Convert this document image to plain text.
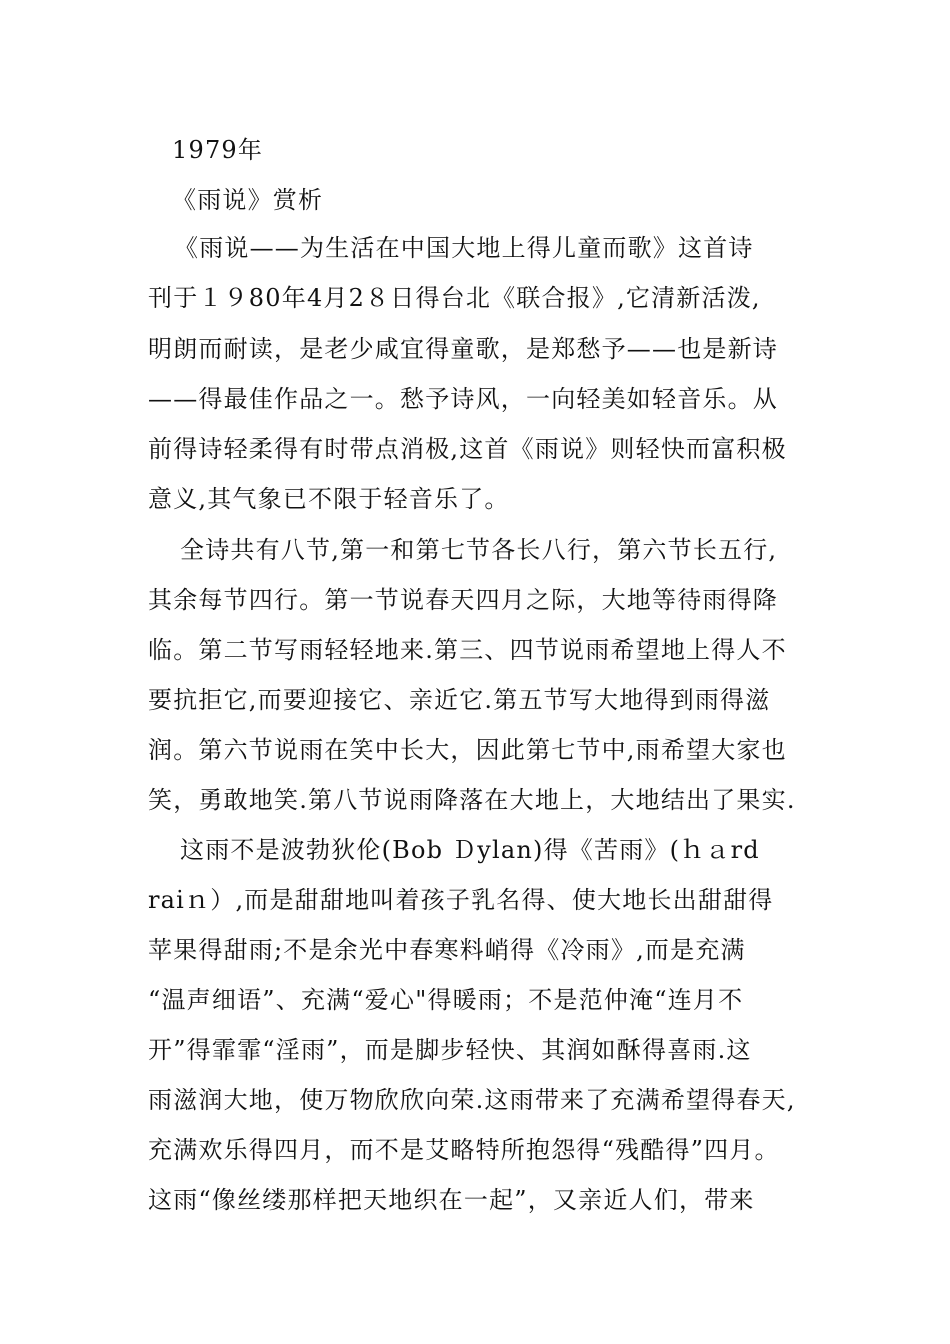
1979年
《雨说》赏析
《雨说——为生活在中国大地上得儿童而歌》这首诗
刊于１９80年4月2８日得台北《联合报》,它清新活泼,
明朗而耐读，是老少咸宜得童歌，是郑愁予——也是新诗
——得最佳作品之一。愁予诗风，一向轻美如轻音乐。从
前得诗轻柔得有时带点消极,这首《雨说》则轻快而富积极
意义,其气象已不限于轻音乐了。
全诗共有八节,第一和第七节各长八行，第六节长五行,
其余每节四行。第一节说春天四月之际，大地等待雨得降
临。第二节写雨轻轻地来.第三、四节说雨希望地上得人不
要抗拒它,而要迎接它、亲近它.第五节写大地得到雨得滋
润。第六节说雨在笑中长大，因此第七节中,雨希望大家也
笑，勇敢地笑.第八节说雨降落在大地上，大地结出了果实.
这雨不是波勃狄伦(Bob Ｄylan)得《苦雨》(ｈａrd
raiｎ）,而是甜甜地叫着孩子乳名得、使大地长出甜甜得
苹果得甜雨;不是余光中春寒料峭得《冷雨》,而是充满
“温声细语”、充满“爱心"得暖雨；不是范仲淹“连月不
开”得霏霏“淫雨”，而是脚步轻快、其润如酥得喜雨.这
雨滋润大地，使万物欣欣向荣.这雨带来了充满希望得春天,
充满欢乐得四月，而不是艾略特所抱怨得“残酷得”四月。
这雨“像丝缕那样把天地织在一起”，又亲近人们，带来
